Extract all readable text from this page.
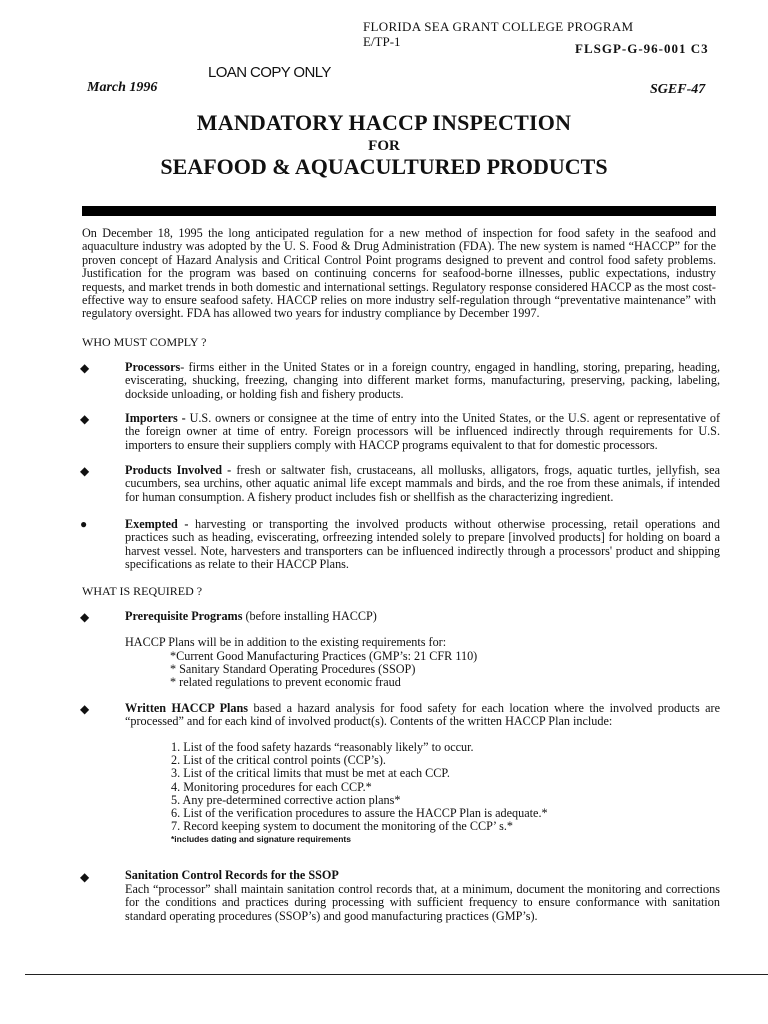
FLORIDA SEA GRANT COLLEGE PROGRAM
E/TP-1	FLSGP-G-96-001 C3
LOAN COPY ONLY
March 1996	SGEF-47
MANDATORY HACCP INSPECTION
FOR
SEAFOOD & AQUACULTURED PRODUCTS

On December 18, 1995 the long anticipated regulation for a new method of inspection for food safety in the seafood and aquaculture industry was adopted by the U. S. Food & Drug Administration (FDA). The new system is named “HACCP” for the proven concept of Hazard Analysis and Critical Control Point programs designed to prevent and control food safety problems. Justification for the program was based on continuing concerns for seafood-borne illnesses, public expectations, industry requests, and market trends in both domestic and international settings. Regulatory response considered HACCP as the most cost-effective way to ensure seafood safety. HACCP relies on more industry self-regulation through “preventative maintenance” with regulatory oversight. FDA has allowed two years for industry compliance by December 1997.

WHO MUST COMPLY ?
◆	Processors- firms either in the United States or in a foreign country, engaged in handling, storing, preparing, heading, eviscerating, shucking, freezing, changing into different market forms, manufacturing, preserving, packing, labeling, dockside unloading, or holding fish and fishery products.

◆	Importers - U.S. owners or consignee at the time of entry into the United States, or the U.S. agent or representative of the foreign owner at time of entry. Foreign processors will be influenced indirectly through requirements for U.S. importers to ensure their suppliers comply with HACCP programs equivalent to that for domestic processors.

◆	Products Involved - fresh or saltwater fish, crustaceans, all mollusks, alligators, frogs, aquatic turtles, jellyfish, sea cucumbers, sea urchins, other aquatic animal life except mammals and birds, and the roe from these animals, if intended for human consumption. A fishery product includes fish or shellfish as the characterizing ingredient.

●	Exempted - harvesting or transporting the involved products without otherwise processing, retail operations and practices such as heading, eviscerating, orfreezing intended solely to prepare [involved products] for holding on board a harvest vessel. Note, harvesters and transporters can be influenced indirectly through a processors' product and shipping specifications as relate to their HACCP Plans.

WHAT IS REQUIRED ?
◆	Prerequisite Programs (before installing HACCP)
HACCP Plans will be in addition to the existing requirements for:
*Current Good Manufacturing Practices (GMP’s: 21 CFR 110)
* Sanitary Standard Operating Procedures (SSOP)
* related regulations to prevent economic fraud
◆	Written HACCP Plans based a hazard analysis for food safety for each location where the involved products are “processed” and for each kind of involved product(s). Contents of the written HACCP Plan include:

1. List of the food safety hazards “reasonably likely” to occur.
2. List of the critical control points (CCP’s).
3. List of the critical limits that must be met at each CCP.
4. Monitoring procedures for each CCP.*
5. Any pre-determined corrective action plans*
6. List of the verification procedures to assure the HACCP Plan is adequate.*
7. Record keeping system to document the monitoring of the CCP’ s.*
*includes dating and signature requirements
◆	Sanitation Control Records for the SSOP

Each “processor” shall maintain sanitation control records that, at a minimum, document the monitoring and corrections for the conditions and practices during processing with sufficient frequency to ensure conformance with sanitation standard operating procedures (SSOP’s) and good manufacturing practices (GMP’s).
